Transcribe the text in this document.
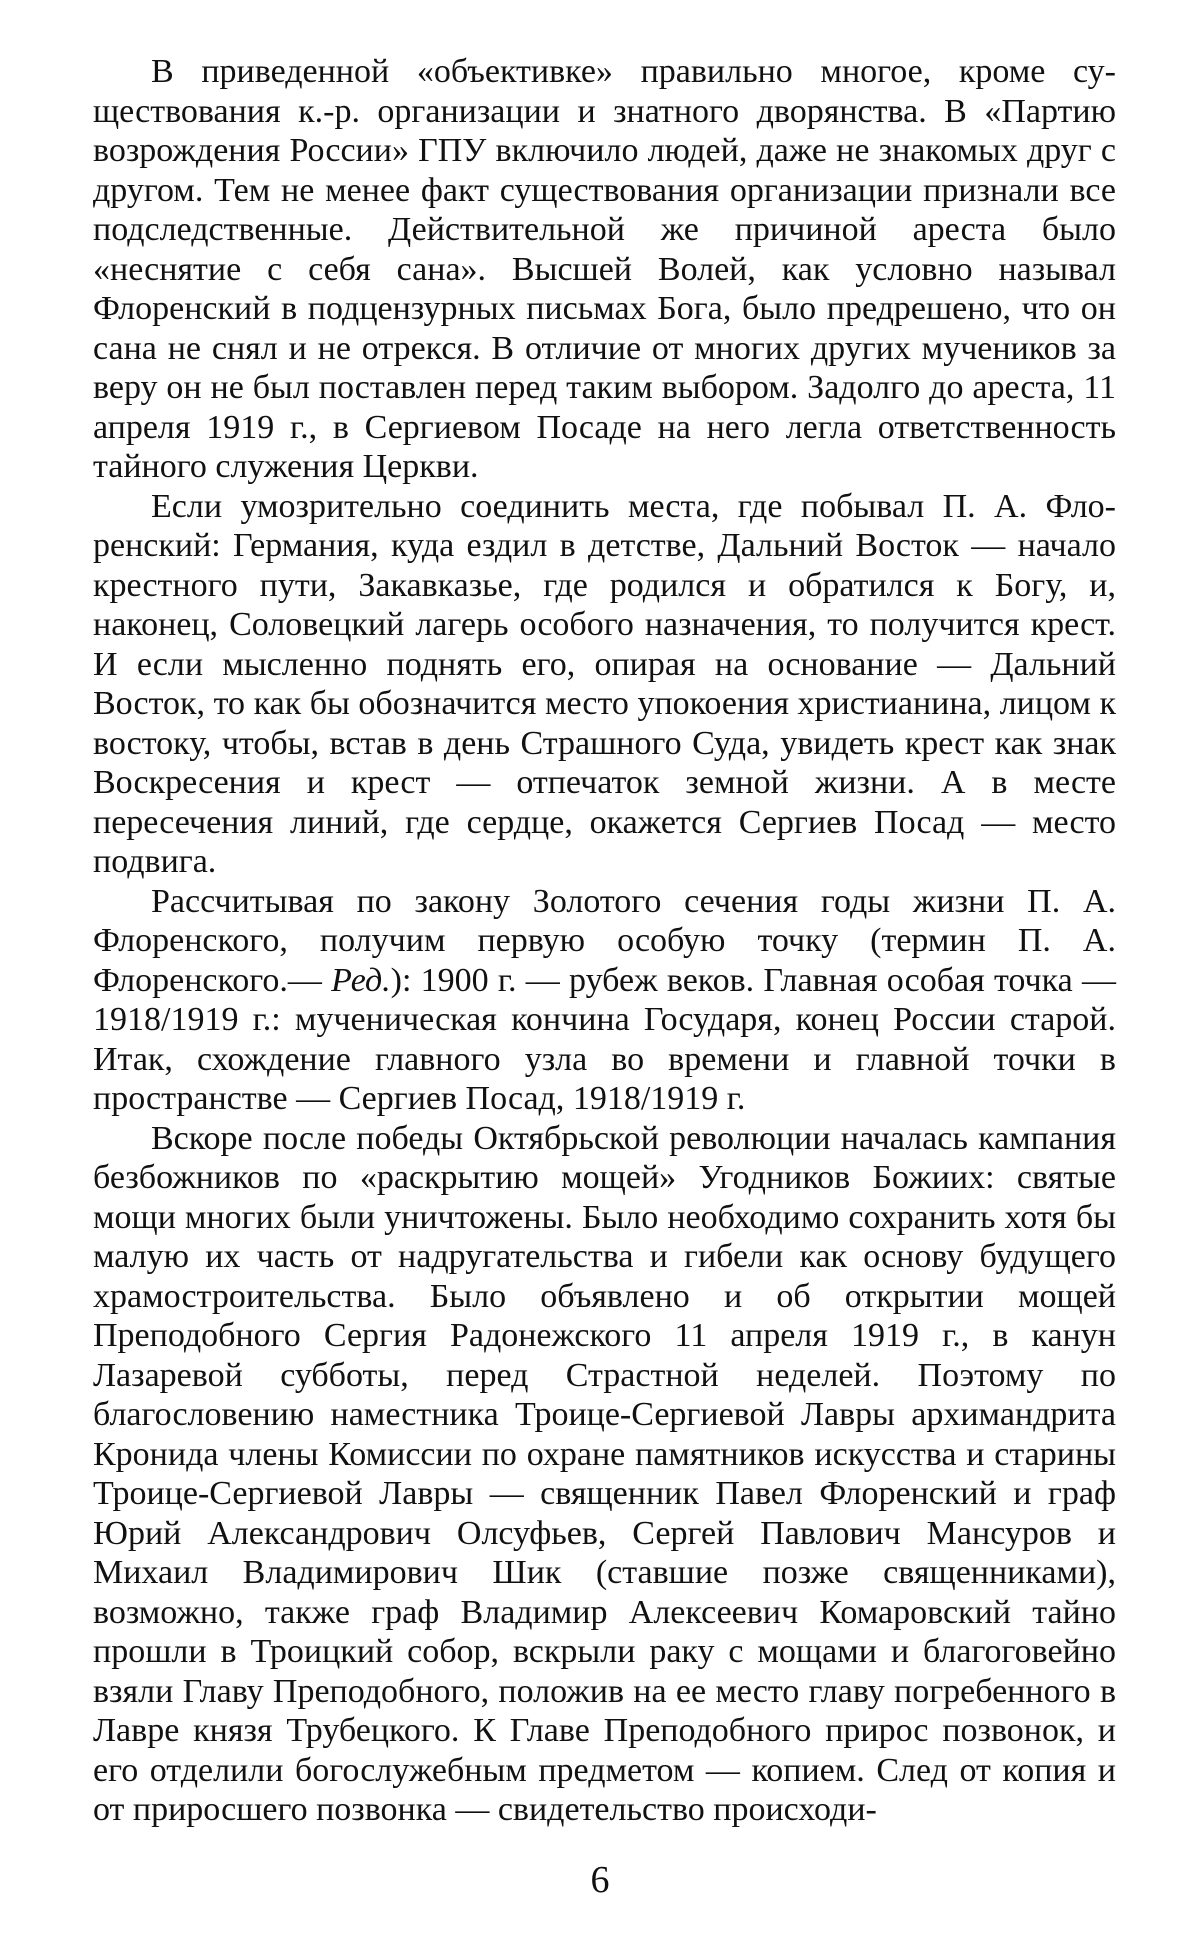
В приведенной «объективке» правильно многое, кроме существования к.-р. организации и знатного дворянства. В «Партию возрождения России» ГПУ включило людей, даже не знакомых друг с другом. Тем не менее факт существования организации признали все подследственные. Действительной же причиной ареста было «неснятие с себя сана». Высшей Волей, как условно называл Флоренский в подцензурных письмах Бога, было предрешено, что он сана не снял и не отрекся. В отличие от многих других мучеников за веру он не был поставлен перед таким выбором. Задолго до ареста, 11 апреля 1919 г., в Сергиевом Посаде на него легла ответственность тайного служения Церкви.

Если умозрительно соединить места, где побывал П. А. Флоренский: Германия, куда ездил в детстве, Дальний Восток — начало крестного пути, Закавказье, где родился и обратился к Богу, и, наконец, Соловецкий лагерь особого назначения, то получится крест. И если мысленно поднять его, опирая на основание — Дальний Восток, то как бы обозначится место упокоения христианина, лицом к востоку, чтобы, встав в день Страшного Суда, увидеть крест как знак Воскресения и крест — отпечаток земной жизни. А в месте пересечения линий, где сердце, окажется Сергиев Посад — место подвига.

Рассчитывая по закону Золотого сечения годы жизни П. А. Флоренского, получим первую особую точку (термин П. А. Флоренского.— Ред.): 1900 г. — рубеж веков. Главная особая точка — 1918/1919 г.: мученическая кончина Государя, конец России старой. Итак, схождение главного узла во времени и главной точки в пространстве — Сергиев Посад, 1918/1919 г.

Вскоре после победы Октябрьской революции началась кампания безбожников по «раскрытию мощей» Угодников Божиих: святые мощи многих были уничтожены. Было необходимо сохранить хотя бы малую их часть от надругательства и гибели как основу будущего храмостроительства. Было объявлено и об открытии мощей Преподобного Сергия Радонежского 11 апреля 1919 г., в канун Лазаревой субботы, перед Страстной неделей. Поэтому по благословению наместника Троице-Сергиевой Лавры архимандрита Кронида члены Комиссии по охране памятников искусства и старины Троице-Сергиевой Лавры — священник Павел Флоренский и граф Юрий Александрович Олсуфьев, Сергей Павлович Мансуров и Михаил Владимирович Шик (ставшие позже священниками), возможно, также граф Владимир Алексеевич Комаровский тайно прошли в Троицкий собор, вскрыли раку с мощами и благоговейно взяли Главу Преподобного, положив на ее место главу погребенного в Лавре князя Трубецкого. К Главе Преподобного прирос позвонок, и его отделили богослужебным предметом — копием. След от копия и от приросшего позвонка — свидетельство происходи-

6
